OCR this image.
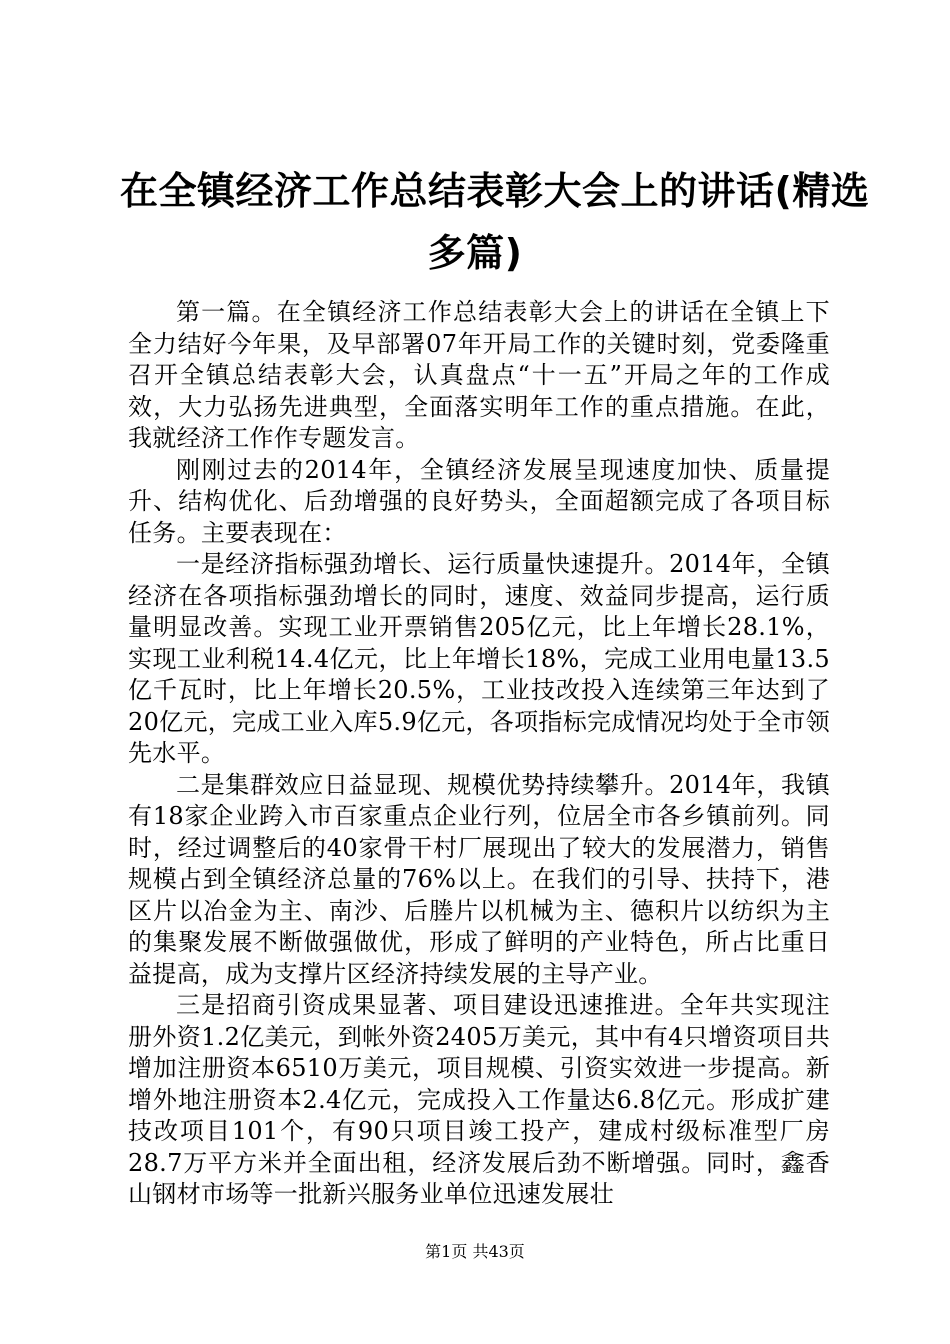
在全镇经济工作总结表彰大会上的讲话(精选
多篇)

第一篇。在全镇经济工作总结表彰大会上的讲话在全镇上下全力结好今年果，及早部署07年开局工作的关键时刻，党委隆重召开全镇总结表彰大会，认真盘点“十一五”开局之年的工作成效，大力弘扬先进典型，全面落实明年工作的重点措施。在此，我就经济工作作专题发言。

刚刚过去的2014年，全镇经济发展呈现速度加快、质量提升、结构优化、后劲增强的良好势头，全面超额完成了各项目标任务。主要表现在：

一是经济指标强劲增长、运行质量快速提升。2014年，全镇经济在各项指标强劲增长的同时，速度、效益同步提高，运行质量明显改善。实现工业开票销售205亿元，比上年增长28.1%，实现工业利税14.4亿元，比上年增长18%，完成工业用电量13.5亿千瓦时，比上年增长20.5%，工业技改投入连续第三年达到了20亿元，完成工业入库5.9亿元，各项指标完成情况均处于全市领先水平。

二是集群效应日益显现、规模优势持续攀升。2014年，我镇有18家企业跨入市百家重点企业行列，位居全市各乡镇前列。同时，经过调整后的40家骨干村厂展现出了较大的发展潜力，销售规模占到全镇经济总量的76%以上。在我们的引导、扶持下，港区片以冶金为主、南沙、后塍片以机械为主、德积片以纺织为主的集聚发展不断做强做优，形成了鲜明的产业特色，所占比重日益提高，成为支撑片区经济持续发展的主导产业。

三是招商引资成果显著、项目建设迅速推进。全年共实现注册外资1.2亿美元，到帐外资2405万美元，其中有4只增资项目共增加注册资本6510万美元，项目规模、引资实效进一步提高。新增外地注册资本2.4亿元，完成投入工作量达6.8亿元。形成扩建技改项目101个，有90只项目竣工投产，建成村级标准型厂房28.7万平方米并全面出租，经济发展后劲不断增强。同时，鑫香山钢材市场等一批新兴服务业单位迅速发展壮

第1页 共43页
